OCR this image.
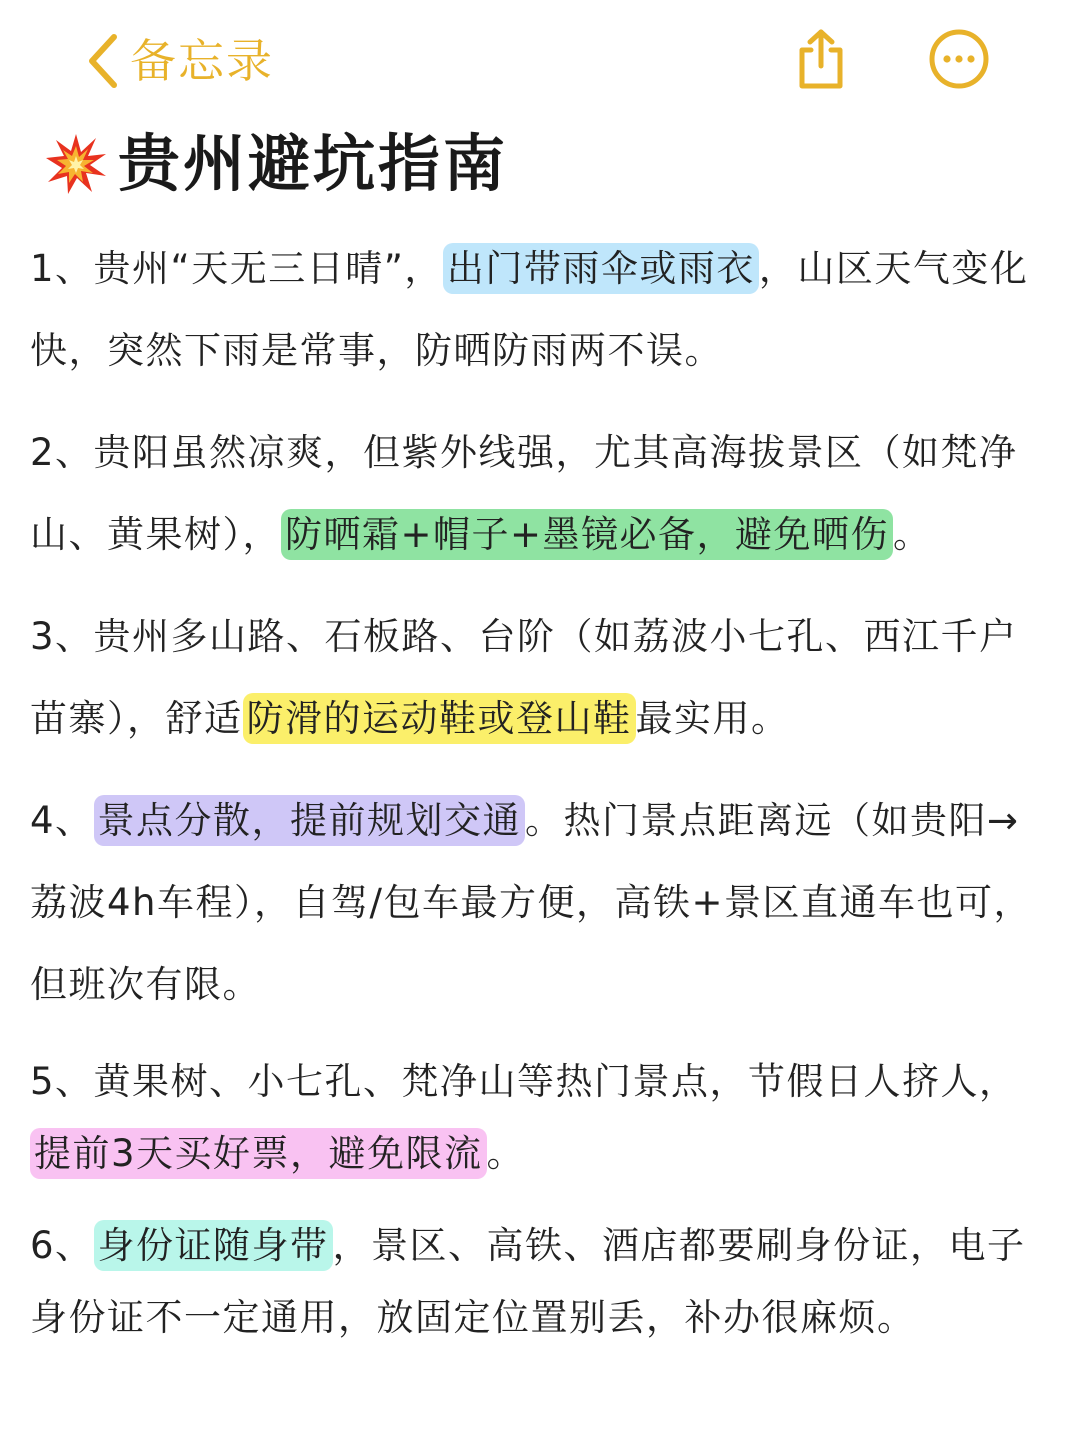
备忘录
贵州避坑指南

1、贵州“天无三日晴”， 出门带雨伞或雨衣 ，山区天气变化快，突然下雨是常事，防晒防雨两不误。

2、贵阳虽然凉爽，但紫外线强，尤其高海拔景区（如梵净山、黄果树）， 防晒霜+帽子+墨镜必备，避免晒伤 。

3、贵州多山路、石板路、台阶（如荔波小七孔、西江千户苗寨），舒适 防滑的运动鞋或登山鞋 最实用。

4、 景点分散，提前规划交通 。热门景点距离远（如贵阳→荔波4h车程），自驾/包车最方便，高铁+景区直通车也可，但班次有限。

5、黄果树、小七孔、梵净山等热门景点，节假日人挤人，提前3天买好票，避免限流 。

6、 身份证随身带 ，景区、高铁、酒店都要刷身份证，电子身份证不一定通用，放固定位置别丢，补办很麻烦。
